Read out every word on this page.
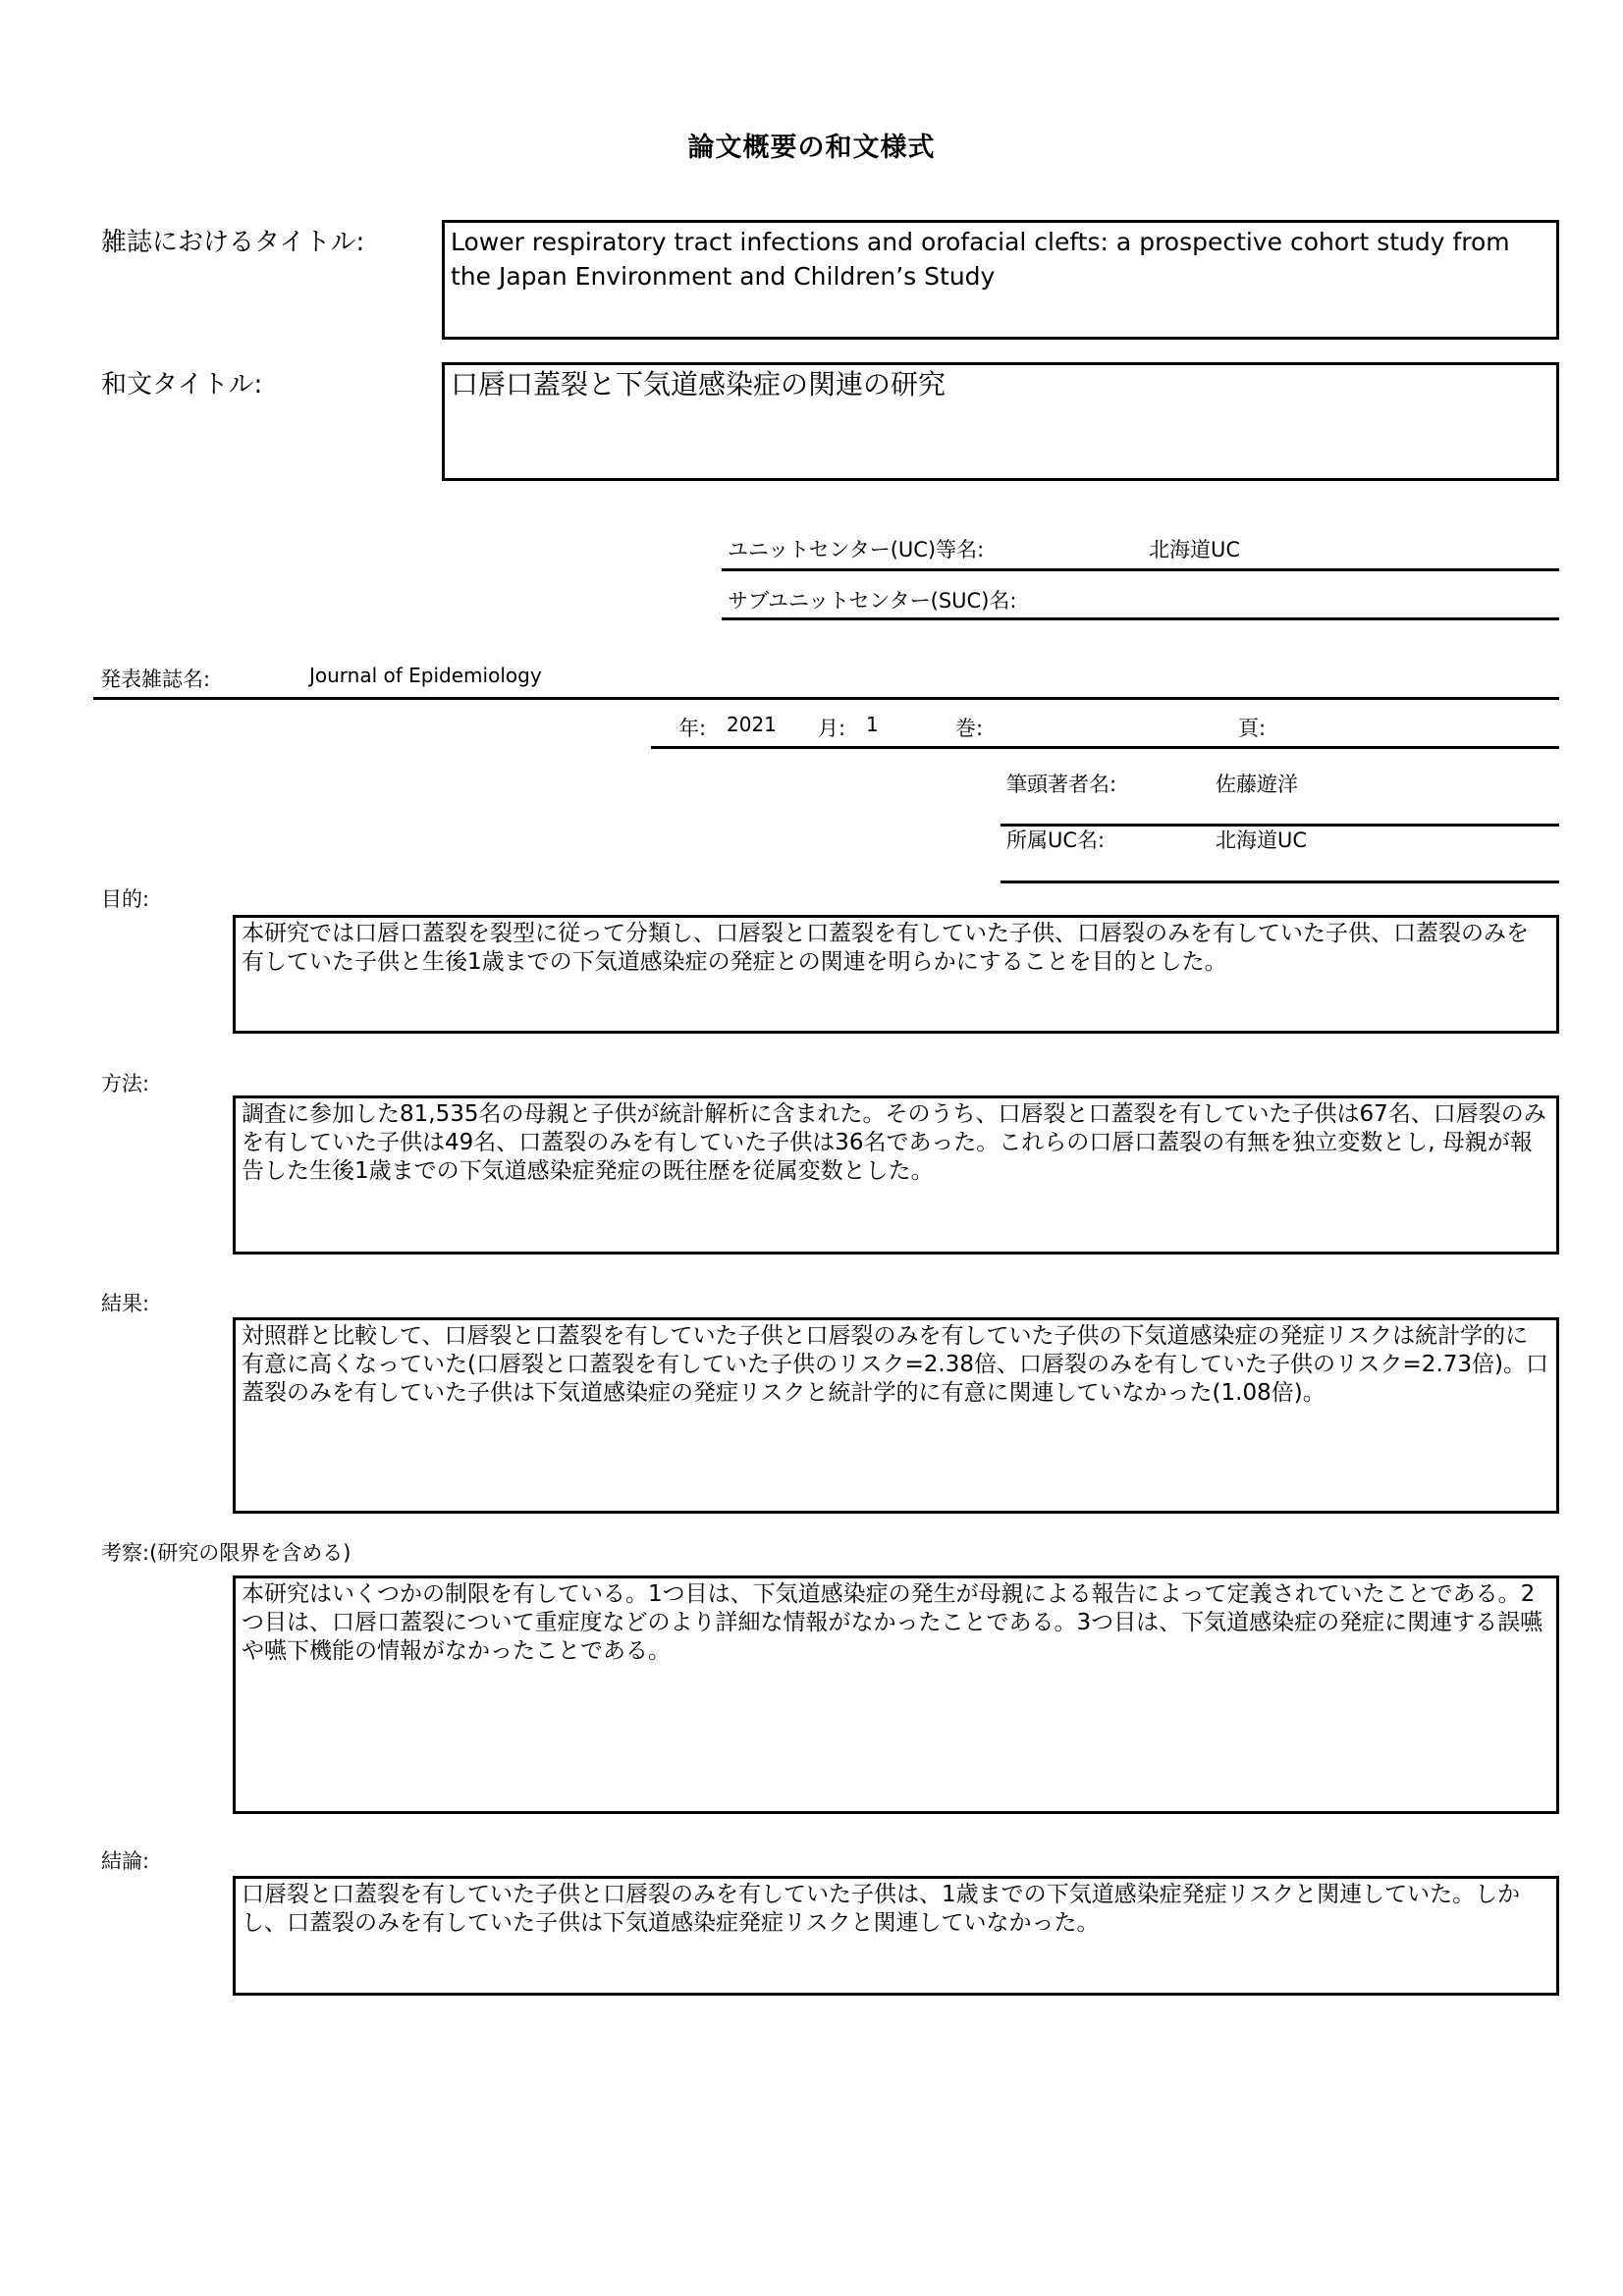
論文概要の和文様式
雑誌におけるタイトル:	Lower respiratory tract infections and orofacial clefts: a prospective cohort study from the Japan Environment and Children’s Study
和文タイトル:	口唇口蓋裂と下気道感染症の関連の研究
ユニットセンター(UC)等名:	北海道UC
サブユニットセンター(SUC)名:
発表雑誌名:	Journal of Epidemiology
年: 2021 月: 1	巻:	頁:
筆頭著者名:	佐藤遊洋
所属UC名:	北海道UC
目的:
本研究では口唇口蓋裂を裂型に従って分類し、口唇裂と口蓋裂を有していた子供、口唇裂のみを有していた子供、口蓋裂のみを有していた子供と生後1歳までの下気道感染症の発症との関連を明らかにすることを目的とした。
方法:
調査に参加した81,535名の母親と子供が統計解析に含まれた。そのうち、口唇裂と口蓋裂を有していた子供は67名、口唇裂のみを有していた子供は49名、口蓋裂のみを有していた子供は36名であった。これらの口唇口蓋裂の有無を独立変数とし, 母親が報告した生後1歳までの下気道感染症発症の既往歴を従属変数とした。
結果:
対照群と比較して、口唇裂と口蓋裂を有していた子供と口唇裂のみを有していた子供の下気道感染症の発症リスクは統計学的に有意に高くなっていた(口唇裂と口蓋裂を有していた子供のリスク=2.38倍、口唇裂のみを有していた子供のリスク=2.73倍)。口蓋裂のみを有していた子供は下気道感染症の発症リスクと統計学的に有意に関連していなかった(1.08倍)。
考察:(研究の限界を含める)
本研究はいくつかの制限を有している。1つ目は、下気道感染症の発生が母親による報告によって定義されていたことである。2つ目は、口唇口蓋裂について重症度などのより詳細な情報がなかったことである。3つ目は、下気道感染症の発症に関連する誤嚥や嚥下機能の情報がなかったことである。
結論:
口唇裂と口蓋裂を有していた子供と口唇裂のみを有していた子供は、1歳までの下気道感染症発症リスクと関連していた。しかし、口蓋裂のみを有していた子供は下気道感染症発症リスクと関連していなかった。
